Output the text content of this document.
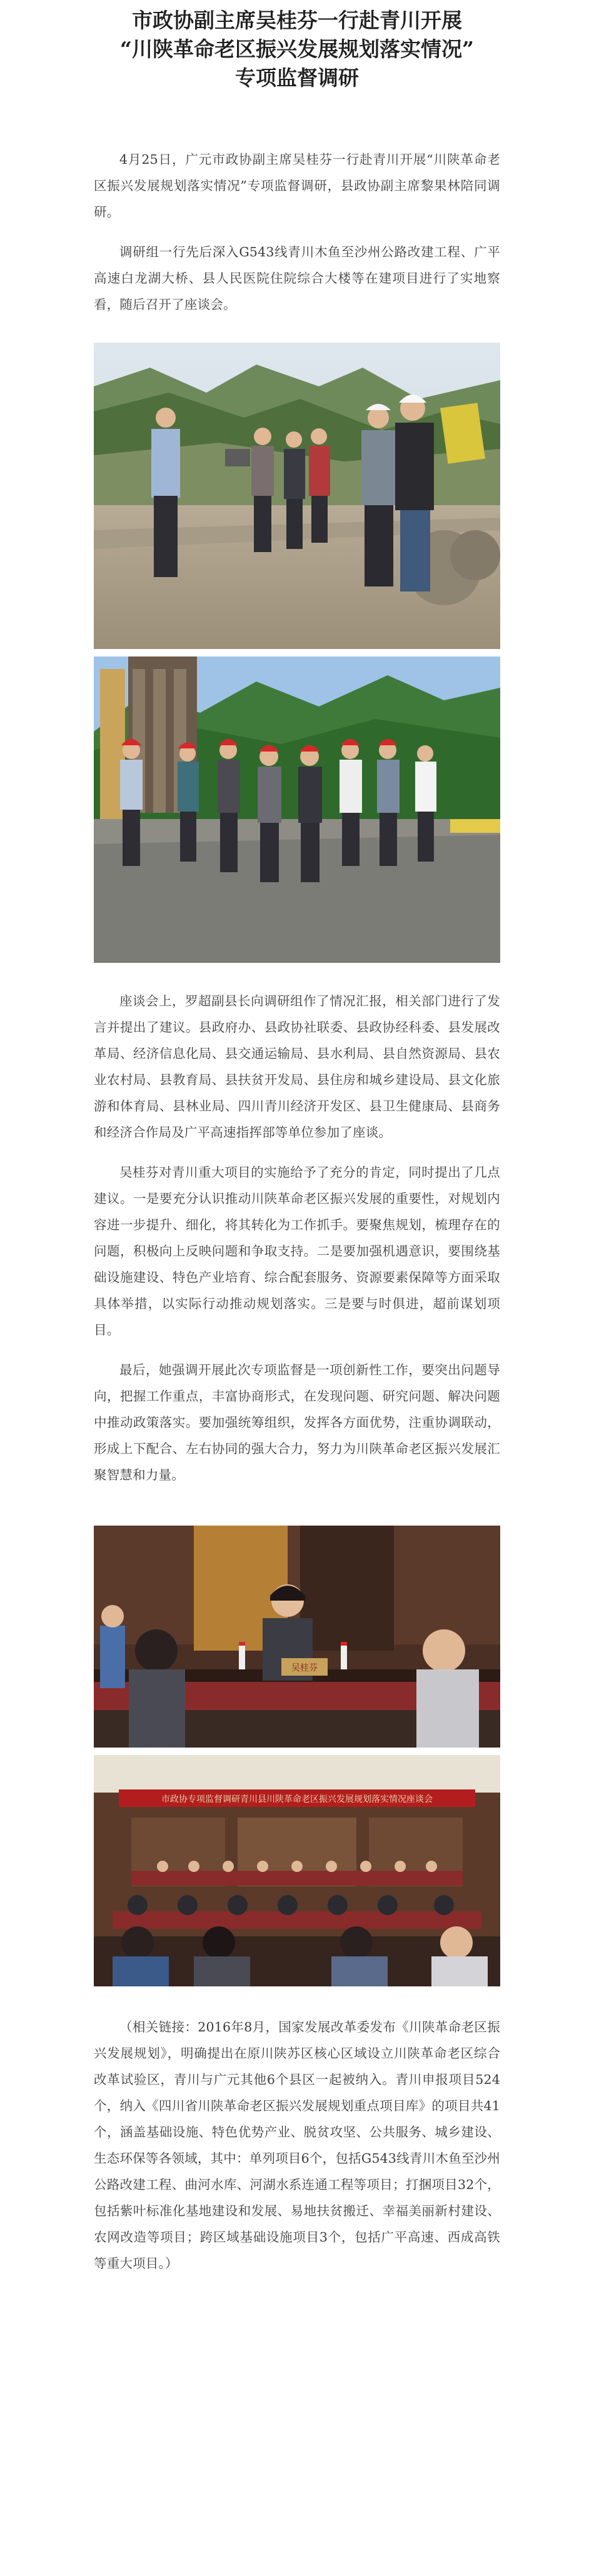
市政协副主席吴桂芬一行赴青川开展
“川陕革命老区振兴发展规划落实情况”
专项监督调研

4月25日，广元市政协副主席吴桂芬一行赴青川开展“川陕革命老区振兴发展规划落实情况”专项监督调研，县政协副主席黎果林陪同调研。

调研组一行先后深入G543线青川木鱼至沙州公路改建工程、广平高速白龙湖大桥、县人民医院住院综合大楼等在建项目进行了实地察看，随后召开了座谈会。

座谈会上，罗超副县长向调研组作了情况汇报，相关部门进行了发言并提出了建议。县政府办、县政协社联委、县政协经科委、县发展改革局、经济信息化局、县交通运输局、县水利局、县自然资源局、县农业农村局、县教育局、县扶贫开发局、县住房和城乡建设局、县文化旅游和体育局、县林业局、四川青川经济开发区、县卫生健康局、县商务和经济合作局及广平高速指挥部等单位参加了座谈。

吴桂芬对青川重大项目的实施给予了充分的肯定，同时提出了几点建议。一是要充分认识推动川陕革命老区振兴发展的重要性，对规划内容进一步提升、细化，将其转化为工作抓手。要聚焦规划，梳理存在的问题，积极向上反映问题和争取支持。二是要加强机遇意识，要围绕基础设施建设、特色产业培育、综合配套服务、资源要素保障等方面采取具体举措，以实际行动推动规划落实。三是要与时俱进，超前谋划项目。

最后，她强调开展此次专项监督是一项创新性工作，要突出问题导向，把握工作重点，丰富协商形式，在发现问题、研究问题、解决问题中推动政策落实。要加强统筹组织，发挥各方面优势，注重协调联动，形成上下配合、左右协同的强大合力，努力为川陕革命老区振兴发展汇聚智慧和力量。

吴桂芬
市政协专项监督调研青川县川陕革命老区振兴发展规划落实情况座谈会

（相关链接：2016年8月，国家发展改革委发布《川陕革命老区振兴发展规划》，明确提出在原川陕苏区核心区域设立川陕革命老区综合改革试验区，青川与广元其他6个县区一起被纳入。青川申报项目524个，纳入《四川省川陕革命老区振兴发展规划重点项目库》的项目共41个，涵盖基础设施、特色优势产业、脱贫攻坚、公共服务、城乡建设、生态环保等各领域，其中：单列项目6个，包括G543线青川木鱼至沙州公路改建工程、曲河水库、河湖水系连通工程等项目；打捆项目32个，包括紫叶标准化基地建设和发展、易地扶贫搬迁、幸福美丽新村建设、农网改造等项目；跨区域基础设施项目3个，包括广平高速、西成高铁等重大项目。）
